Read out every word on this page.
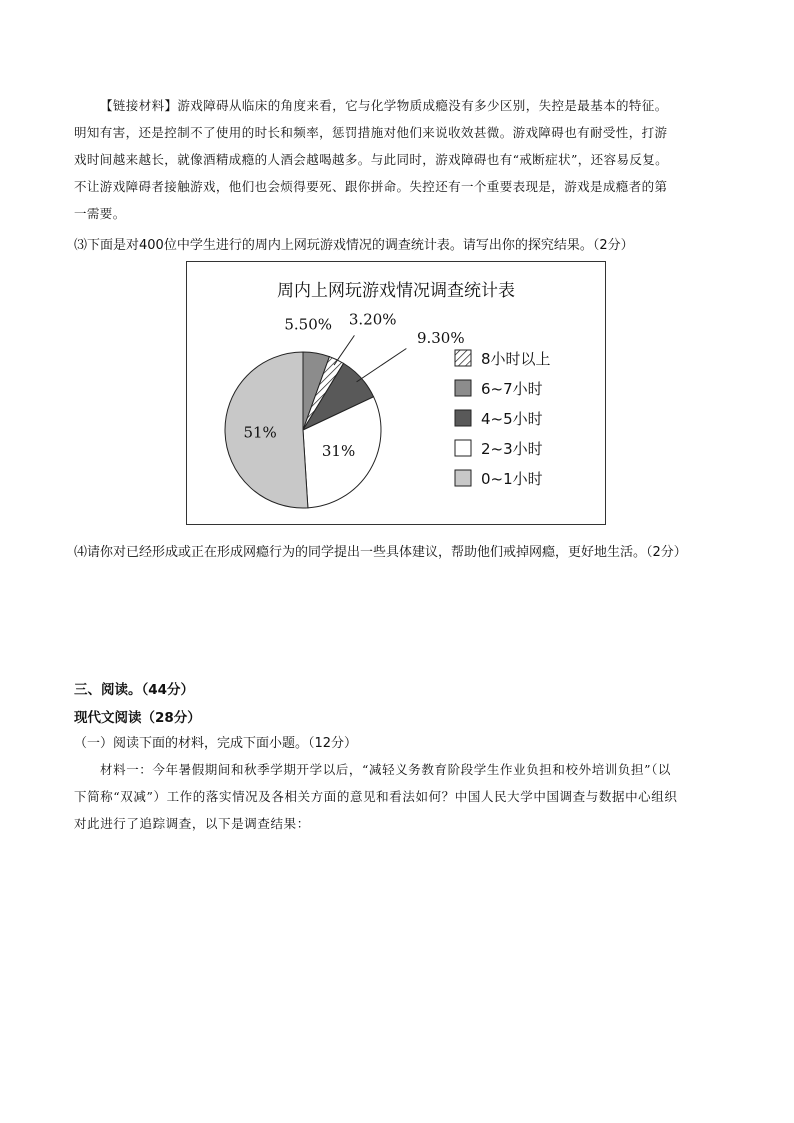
【链接材料】游戏障碍从临床的角度来看，它与化学物质成瘾没有多少区别，失控是最基本的特征。
明知有害，还是控制不了使用的时长和频率，惩罚措施对他们来说收效甚微。游戏障碍也有耐受性，打游
戏时间越来越长，就像酒精成瘾的人酒会越喝越多。与此同时，游戏障碍也有“戒断症状”，还容易反复。
不让游戏障碍者接触游戏，他们也会烦得要死、跟你拼命。失控还有一个重要表现是，游戏是成瘾者的第
一需要。
⑶下面是对400位中学生进行的周内上网玩游戏情况的调查统计表。请写出你的探究结果。（2分）
周内上网玩游戏情况调查统计表
5.50% 3.20%
9.30%
31%
51%
8小时以上
6~7小时
4~5小时
2~3小时
0~1小时
⑷请你对已经形成或正在形成网瘾行为的同学提出一些具体建议，帮助他们戒掉网瘾，更好地生活。（2分）
三、阅读。（44分）
现代文阅读（28分）
（一）阅读下面的材料，完成下面小题。（12分）
材料一：今年暑假期间和秋季学期开学以后，“减轻义务教育阶段学生作业负担和校外培训负担”（以
下简称“双减”）工作的落实情况及各相关方面的意见和看法如何？中国人民大学中国调查与数据中心组织
对此进行了追踪调查，以下是调查结果：
